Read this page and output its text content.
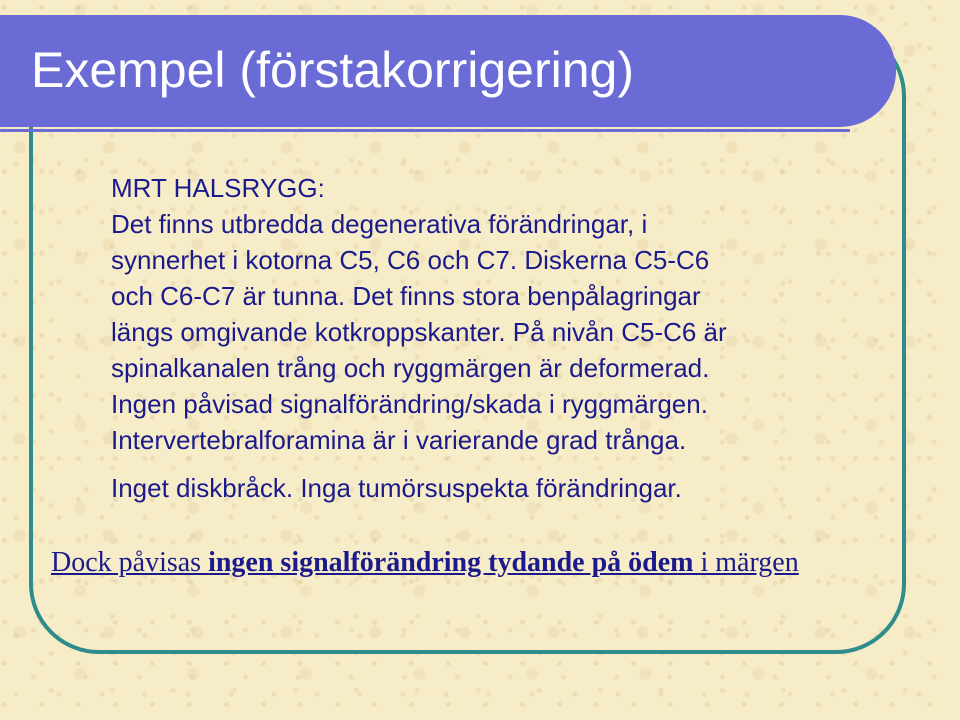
Exempel (förstakorrigering)
MRT HALSRYGG:
Det finns utbredda degenerativa förändringar, i
synnerhet i kotorna C5, C6 och C7. Diskerna C5-C6
och C6-C7 är tunna. Det finns stora benpålagringar
längs omgivande kotkroppskanter. På nivån C5-C6 är
spinalkanalen trång och ryggmärgen är deformerad.
Ingen påvisad signalförändring/skada i ryggmärgen.
Intervertebralforamina är i varierande grad trånga.
Inget diskbråck. Inga tumörsuspekta förändringar.
Dock påvisas ingen signalförändring tydande på ödem i märgen
